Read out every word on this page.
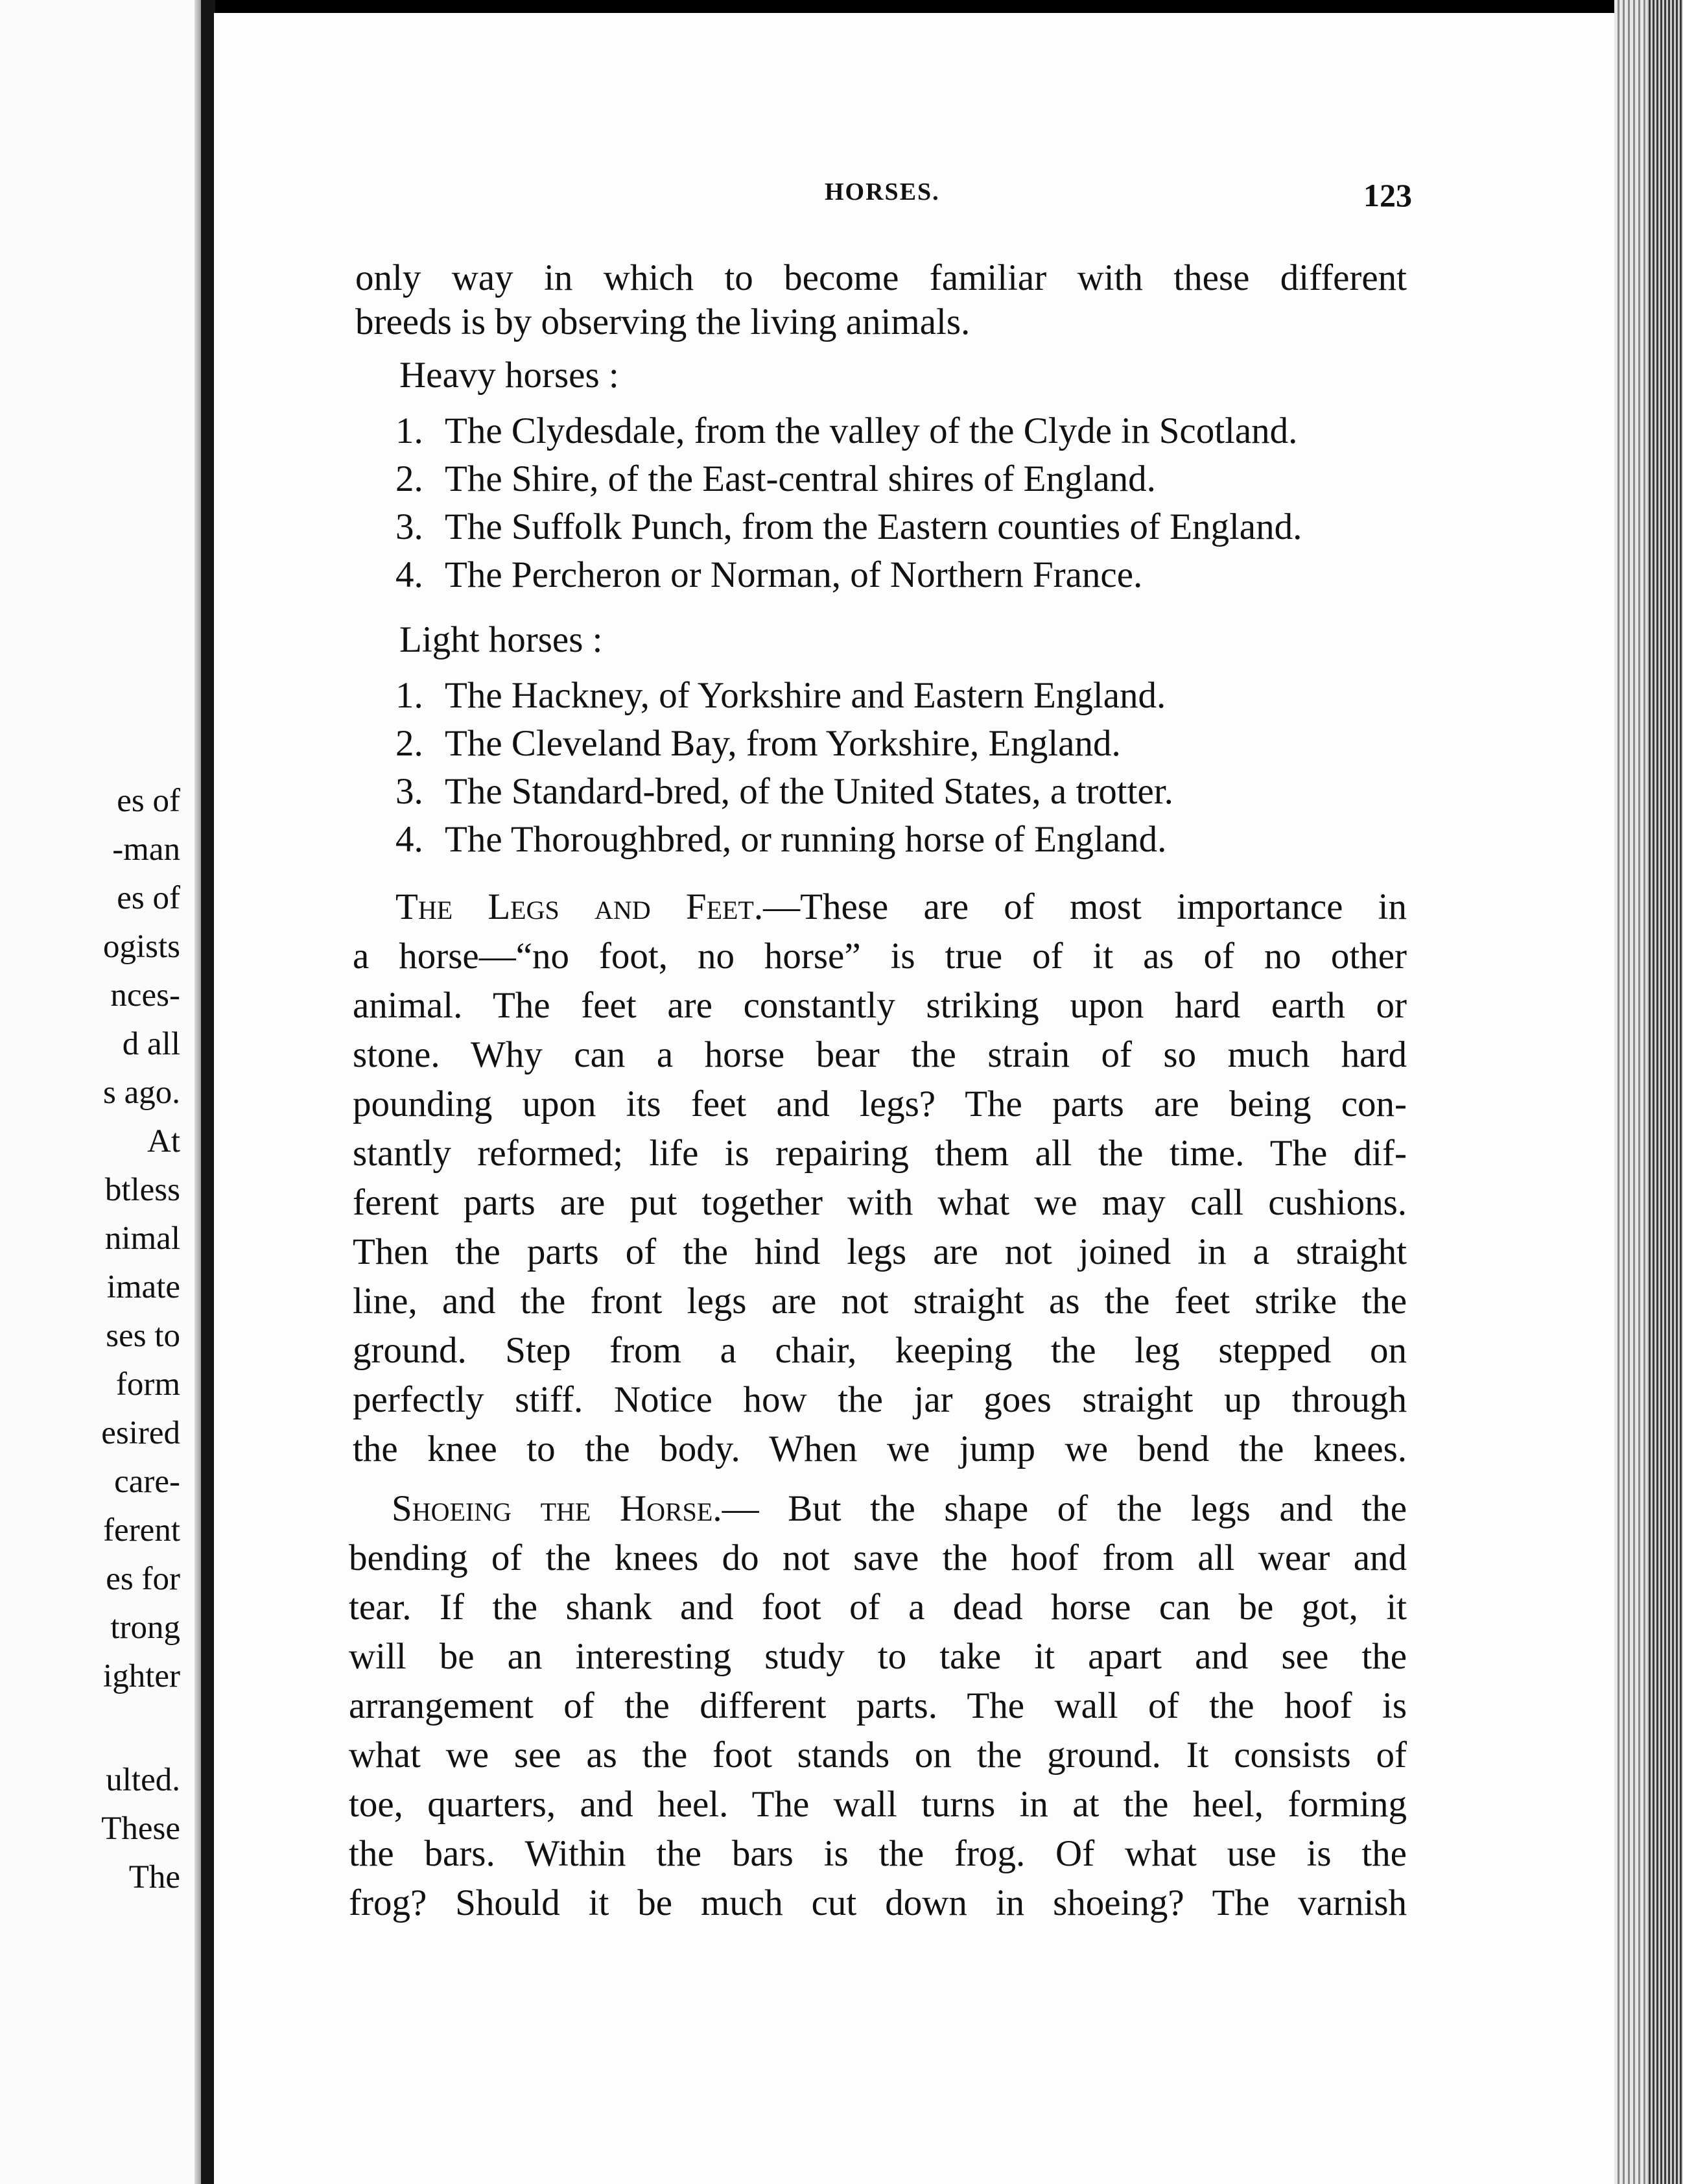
es of
-man
es of
ogists
nces-
d all
s ago.
At
btless
nimal
imate
ses to
form
esired
care-
ferent
es for
trong
ighter
ulted.
These
The
HORSES.	123
only way in which to become familiar with these different
breeds is by observing the living animals.
Heavy horses :
1. The Clydesdale, from the valley of the Clyde in Scotland.
2. The Shire, of the East-central shires of England.
3. The Suffolk Punch, from the Eastern counties of England.
4. The Percheron or Norman, of Northern France.
Light horses :
1. The Hackney, of Yorkshire and Eastern England.
2. The Cleveland Bay, from Yorkshire, England.
3. The Standard-bred, of the United States, a trotter.
4. The Thoroughbred, or running horse of England.
The Legs and Feet.—These are of most importance in
a horse—“no foot, no horse” is true of it as of no other
animal. The feet are constantly striking upon hard earth or
stone. Why can a horse bear the strain of so much hard
pounding upon its feet and legs? The parts are being con-
stantly reformed; life is repairing them all the time. The dif-
ferent parts are put together with what we may call cushions.
Then the parts of the hind legs are not joined in a straight
line, and the front legs are not straight as the feet strike the
ground. Step from a chair, keeping the leg stepped on
perfectly stiff. Notice how the jar goes straight up through
the knee to the body. When we jump we bend the knees.
Shoeing the Horse.— But the shape of the legs and the
bending of the knees do not save the hoof from all wear and
tear. If the shank and foot of a dead horse can be got, it
will be an interesting study to take it apart and see the
arrangement of the different parts. The wall of the hoof is
what we see as the foot stands on the ground. It consists of
toe, quarters, and heel. The wall turns in at the heel, forming
the bars. Within the bars is the frog. Of what use is the
frog? Should it be much cut down in shoeing? The varnish
